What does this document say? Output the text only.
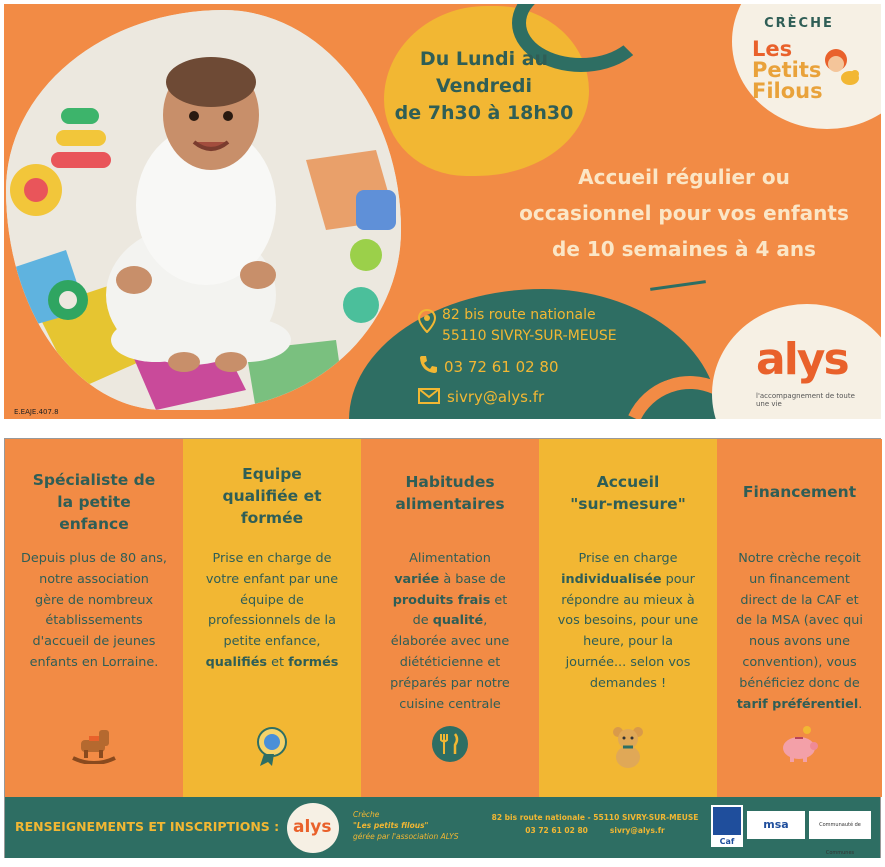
Du Lundi au
Vendredi
de 7h30 à 18h30
CRÈCHE
Les
Petits
Filous
Accueil régulier ou
occasionnel pour vos enfants
de 10 semaines à 4 ans
82 bis route nationale
55110 SIVRY-SUR-MEUSE
03 72 61 02 80
sivry@alys.fr
alys
l'accompagnement de toute une vie
E.EAJE.407.8
Spécialiste de
la petite
enfance

Depuis plus de 80 ans,

notre association

gère de nombreux

établissements

d'accueil de jeunes

enfants en Lorraine.

Equipe
qualifiée et
formée

Prise en charge de

votre enfant par une

équipe de

professionnels de la

petite enfance,

qualifiés et formés

Habitudes
alimentaires

Alimentation

variée à base de

produits frais et

de qualité,

élaborée avec une

diététicienne et

préparés par notre

cuisine centrale

Accueil
"sur-mesure"

Prise en charge

individualisée pour

répondre au mieux à

vos besoins, pour une

heure, pour la

journée... selon vos

demandes !

Financement

Notre crèche reçoit

un financement

direct de la CAF et

de la MSA (avec qui

nous avons une

convention), vous

bénéficiez donc de

tarif préférentiel.

RENSEIGNEMENTS ET INSCRIPTIONS : alys
Crèche
"Les petits filous"
gérée par l'association ALYS
82 bis route nationale - 55110 SIVRY-SUR-MEUSE
03 72 61 02 80	sivry@alys.fr
Caf
msa	Communauté de Communes
